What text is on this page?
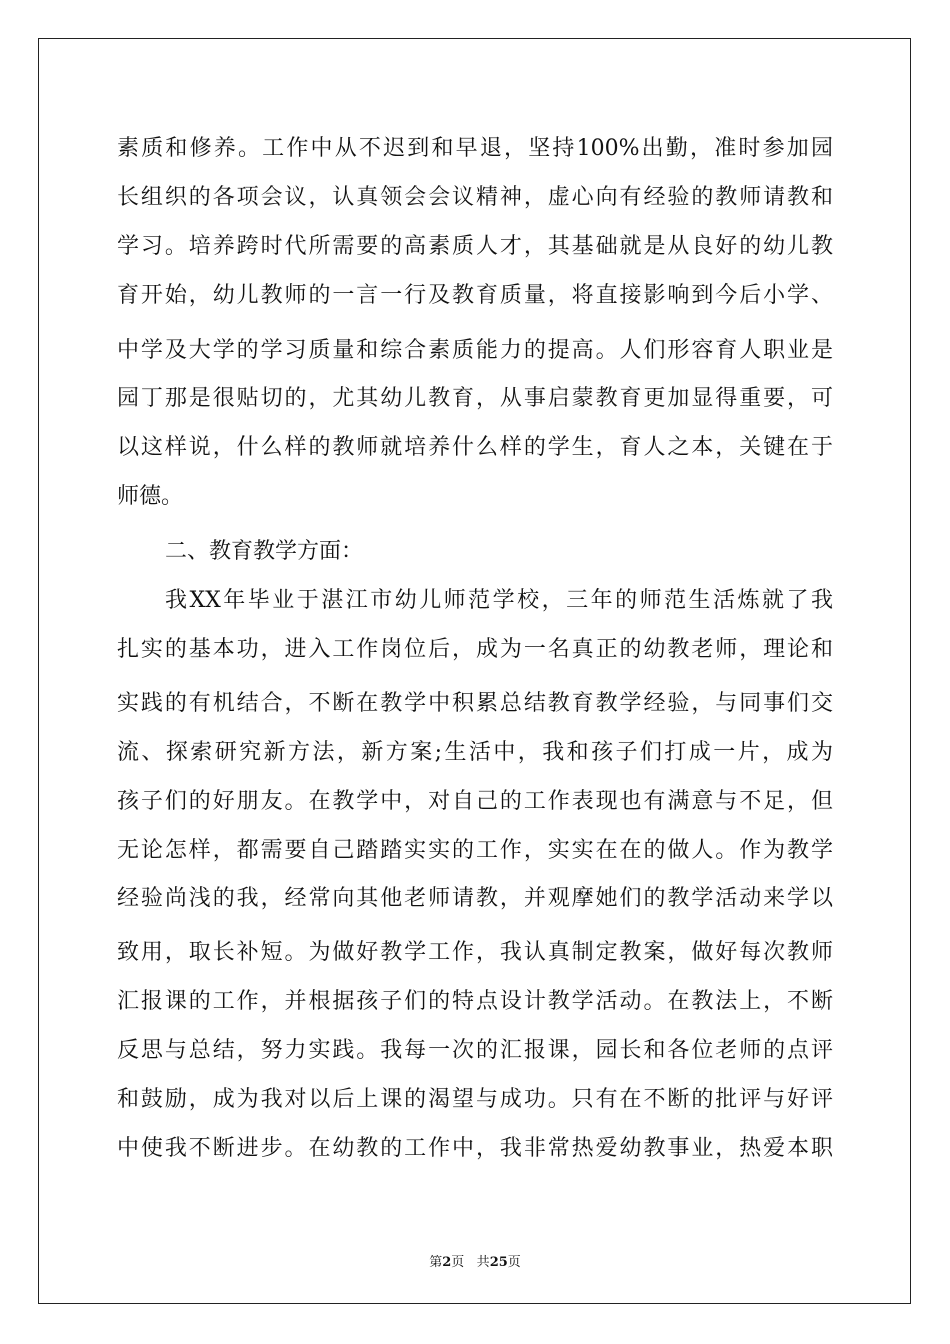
素质和修养。工作中从不迟到和早退，坚持100%出勤，准时参加园
长组织的各项会议，认真领会会议精神，虚心向有经验的教师请教和
学习。培养跨时代所需要的高素质人才，其基础就是从良好的幼儿教
育开始，幼儿教师的一言一行及教育质量，将直接影响到今后小学、
中学及大学的学习质量和综合素质能力的提高。人们形容育人职业是
园丁那是很贴切的，尤其幼儿教育，从事启蒙教育更加显得重要，可
以这样说，什么样的教师就培养什么样的学生，育人之本，关键在于
师德。
二、教育教学方面：
我XX年毕业于湛江市幼儿师范学校，三年的师范生活炼就了我
扎实的基本功，进入工作岗位后，成为一名真正的幼教老师，理论和
实践的有机结合，不断在教学中积累总结教育教学经验，与同事们交
流、探索研究新方法，新方案;生活中，我和孩子们打成一片，成为
孩子们的好朋友。在教学中，对自己的工作表现也有满意与不足，但
无论怎样，都需要自己踏踏实实的工作，实实在在的做人。作为教学
经验尚浅的我，经常向其他老师请教，并观摩她们的教学活动来学以
致用，取长补短。为做好教学工作，我认真制定教案，做好每次教师
汇报课的工作，并根据孩子们的特点设计教学活动。在教法上，不断
反思与总结，努力实践。我每一次的汇报课，园长和各位老师的点评
和鼓励，成为我对以后上课的渴望与成功。只有在不断的批评与好评
中使我不断进步。在幼教的工作中，我非常热爱幼教事业，热爱本职
第2页 共25页
